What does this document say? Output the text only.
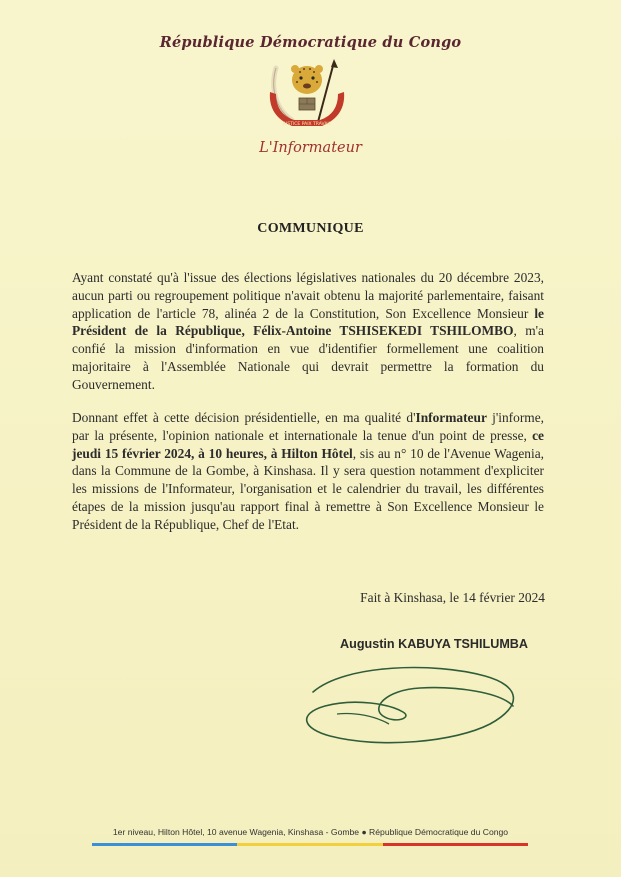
République Démocratique du Congo
JUSTICE PAIX TRAVAIL
L'Informateur
COMMUNIQUE

Ayant constaté qu'à l'issue des élections législatives nationales du 20 décembre 2023, aucun parti ou regroupement politique n'avait obtenu la majorité parlementaire, faisant application de l'article 78, alinéa 2 de la Constitution, Son Excellence Monsieur le Président de la République, Félix-Antoine TSHISEKEDI TSHILOMBO, m'a confié la mission d'information en vue d'identifier formellement une coalition majoritaire à l'Assemblée Nationale qui devrait permettre la formation du Gouvernement.

Donnant effet à cette décision présidentielle, en ma qualité d'Informateur j'informe, par la présente, l'opinion nationale et internationale la tenue d'un point de presse, ce jeudi 15 février 2024, à 10 heures, à Hilton Hôtel, sis au n° 10 de l'Avenue Wagenia, dans la Commune de la Gombe, à Kinshasa. Il y sera question notamment d'expliciter les missions de l'Informateur, l'organisation et le calendrier du travail, les différentes étapes de la mission jusqu'au rapport final à remettre à Son Excellence Monsieur le Président de la République, Chef de l'Etat.

Fait à Kinshasa, le 14 février 2024
Augustin KABUYA TSHILUMBA
1er niveau, Hilton Hôtel, 10 avenue Wagenia, Kinshasa - Gombe ● République Démocratique du Congo
